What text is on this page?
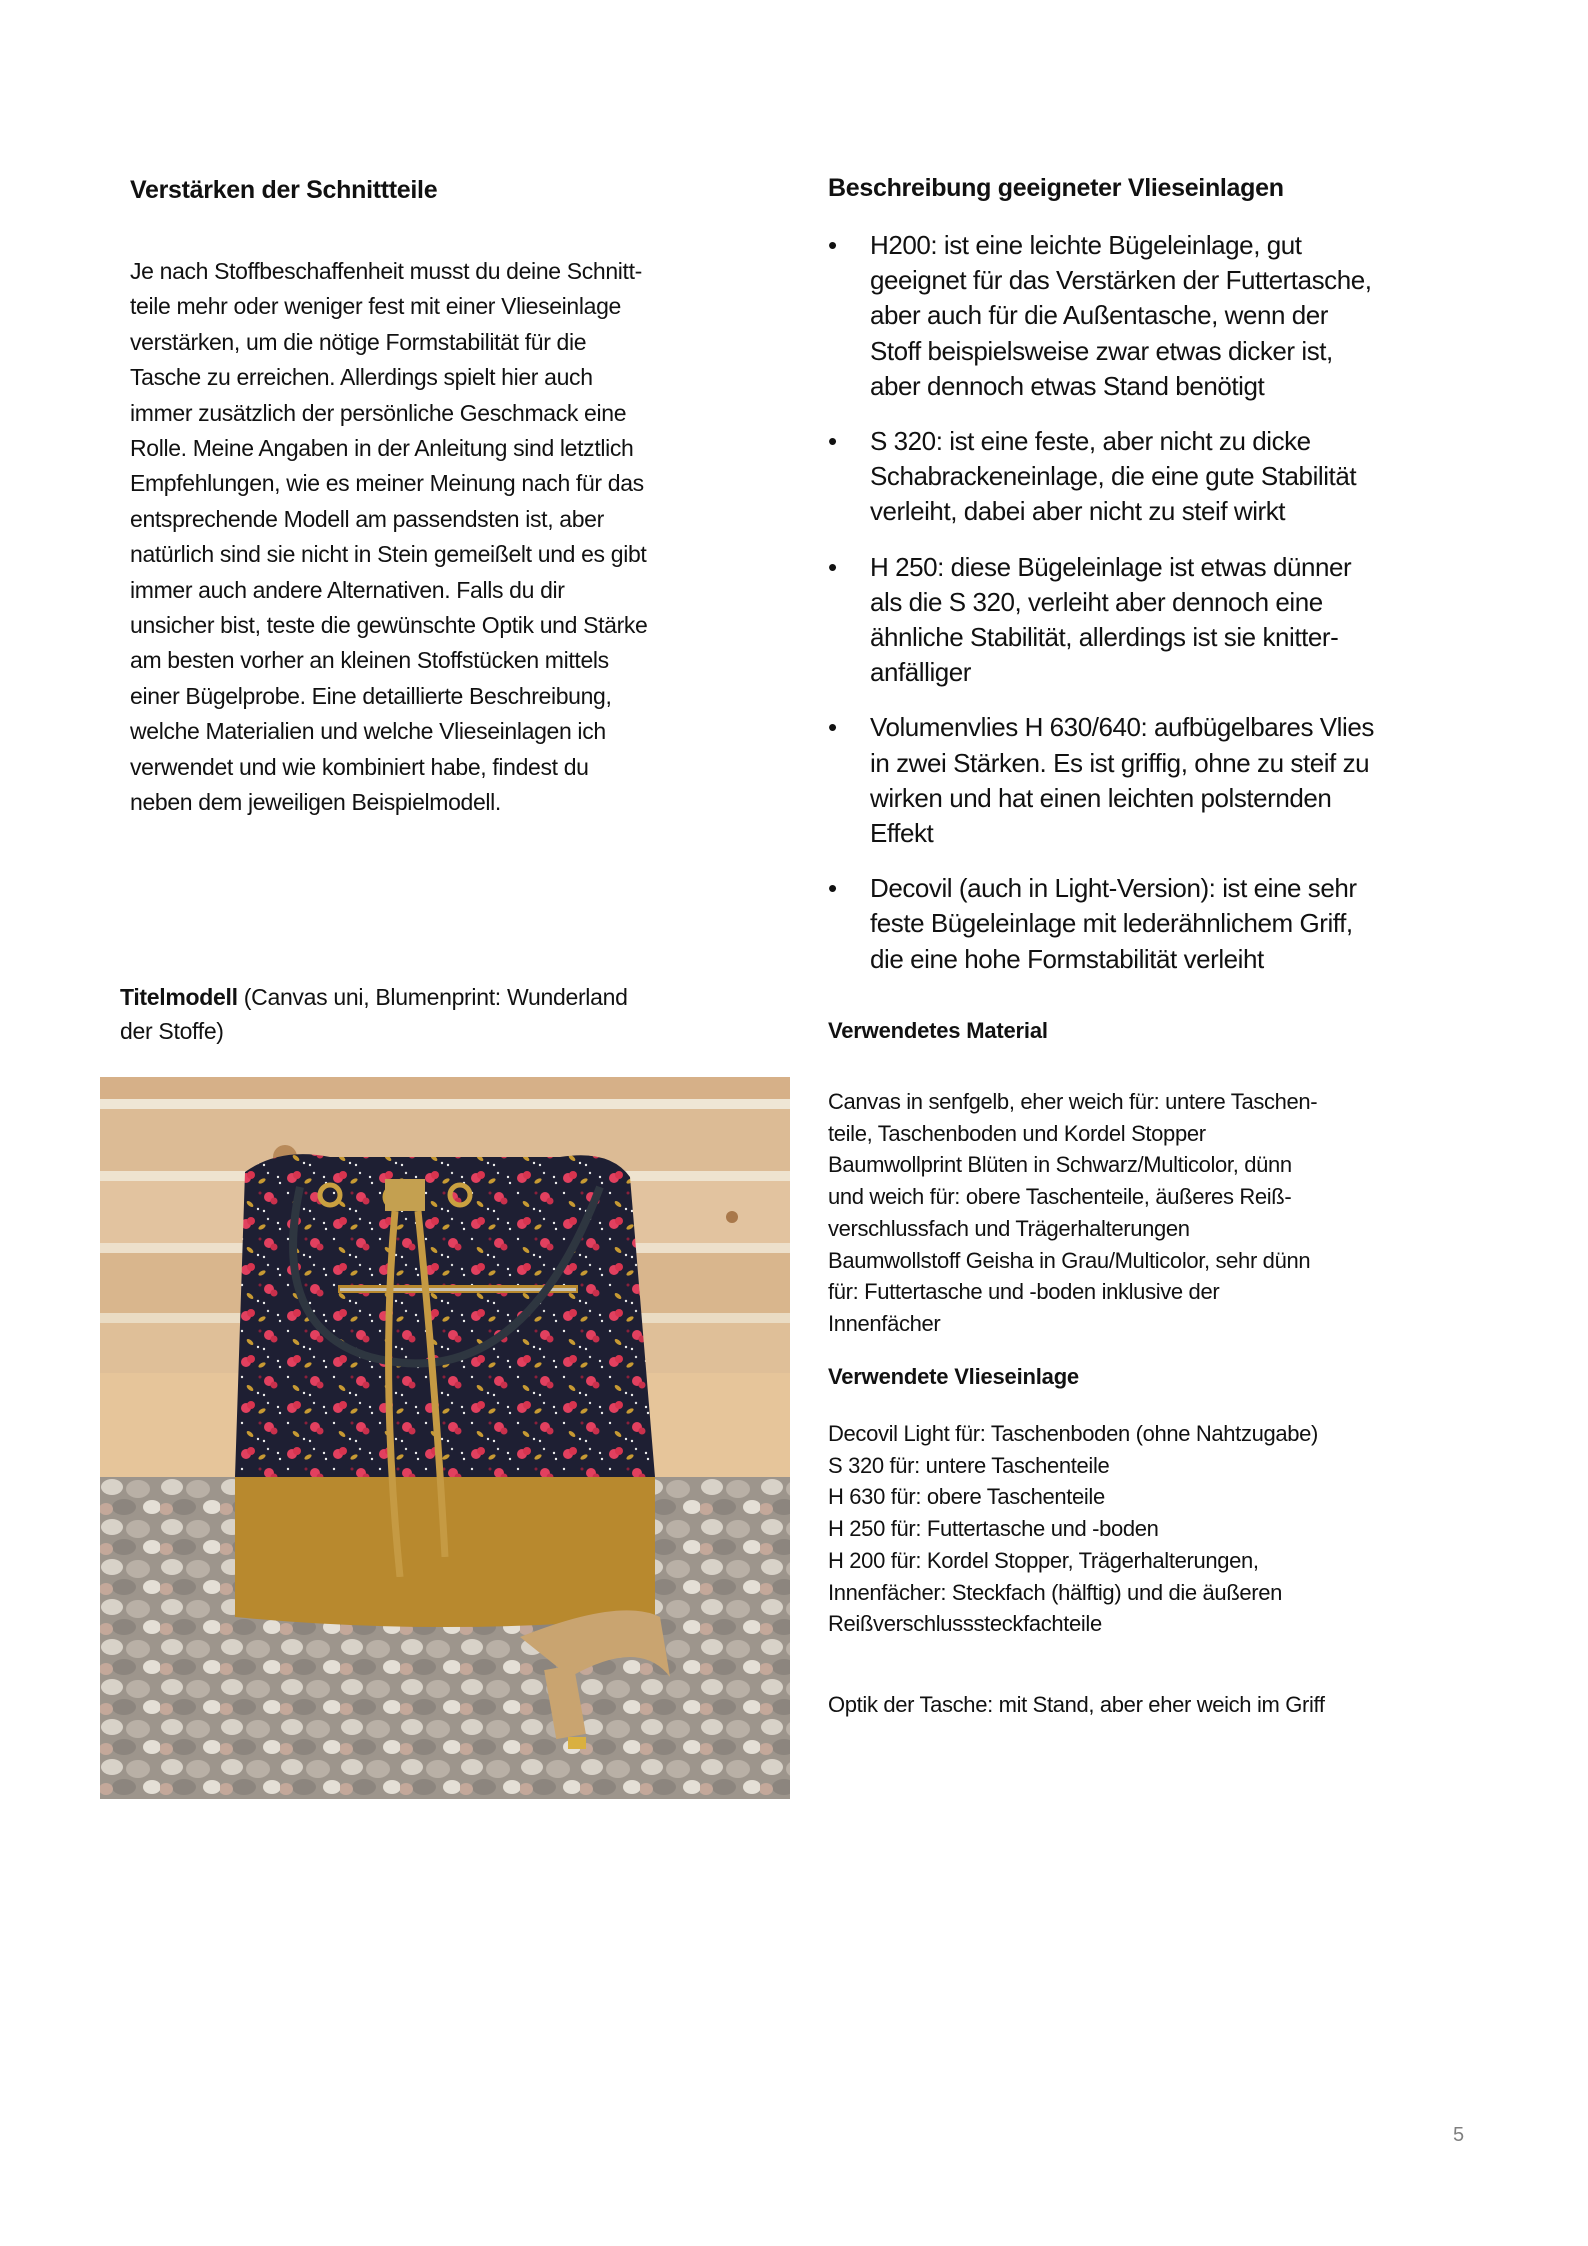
Verstärken der Schnittteile
Je nach Stoffbeschaffenheit musst du deine Schnitt-
teile mehr oder weniger fest mit einer Vlieseinlage
verstärken, um die nötige Formstabilität für die
Tasche zu erreichen. Allerdings spielt hier auch
immer zusätzlich der persönliche Geschmack eine
Rolle. Meine Angaben in der Anleitung sind letztlich
Empfehlungen, wie es meiner Meinung nach für das
entsprechende Modell am passendsten ist, aber
natürlich sind sie nicht in Stein gemeißelt und es gibt
immer auch andere Alternativen. Falls du dir
unsicher bist, teste die gewünschte Optik und Stärke
am besten vorher an kleinen Stoffstücken mittels
einer Bügelprobe. Eine detaillierte Beschreibung,
welche Materialien und welche Vlieseinlagen ich
verwendet und wie kombiniert habe, findest du
neben dem jeweiligen Beispielmodell.
Titelmodell (Canvas uni, Blumenprint: Wunderland
der Stoffe)
Beschreibung geeigneter Vlieseinlagen
• H200: ist eine leichte Bügeleinlage, gut
geeignet für das Verstärken der Futtertasche,
aber auch für die Außentasche, wenn der
Stoff beispielsweise zwar etwas dicker ist,
aber dennoch etwas Stand benötigt
• S 320: ist eine feste, aber nicht zu dicke
Schabrackeneinlage, die eine gute Stabilität
verleiht, dabei aber nicht zu steif wirkt
• H 250: diese Bügeleinlage ist etwas dünner
als die S 320, verleiht aber dennoch eine
ähnliche Stabilität, allerdings ist sie knitter-
anfälliger
• Volumenvlies H 630/640: aufbügelbares Vlies
in zwei Stärken. Es ist griffig, ohne zu steif zu
wirken und hat einen leichten polsternden
Effekt
• Decovil (auch in Light-Version): ist eine sehr
feste Bügeleinlage mit lederähnlichem Griff,
die eine hohe Formstabilität verleiht
Verwendetes Material
Canvas in senfgelb, eher weich für: untere Taschen-
teile, Taschenboden und Kordel Stopper
Baumwollprint Blüten in Schwarz/Multicolor, dünn
und weich für: obere Taschenteile, äußeres Reiß-
verschlussfach und Trägerhalterungen
Baumwollstoff Geisha in Grau/Multicolor, sehr dünn
für: Futtertasche und -boden inklusive der
Innenfächer
Verwendete Vlieseinlage
Decovil Light für: Taschenboden (ohne Nahtzugabe)
S 320 für: untere Taschenteile
H 630 für: obere Taschenteile
H 250 für: Futtertasche und -boden
H 200 für: Kordel Stopper, Trägerhalterungen,
Innenfächer: Steckfach (hälftig) und die äußeren
Reißverschlusssteckfachteile
Optik der Tasche: mit Stand, aber eher weich im Griff
5
